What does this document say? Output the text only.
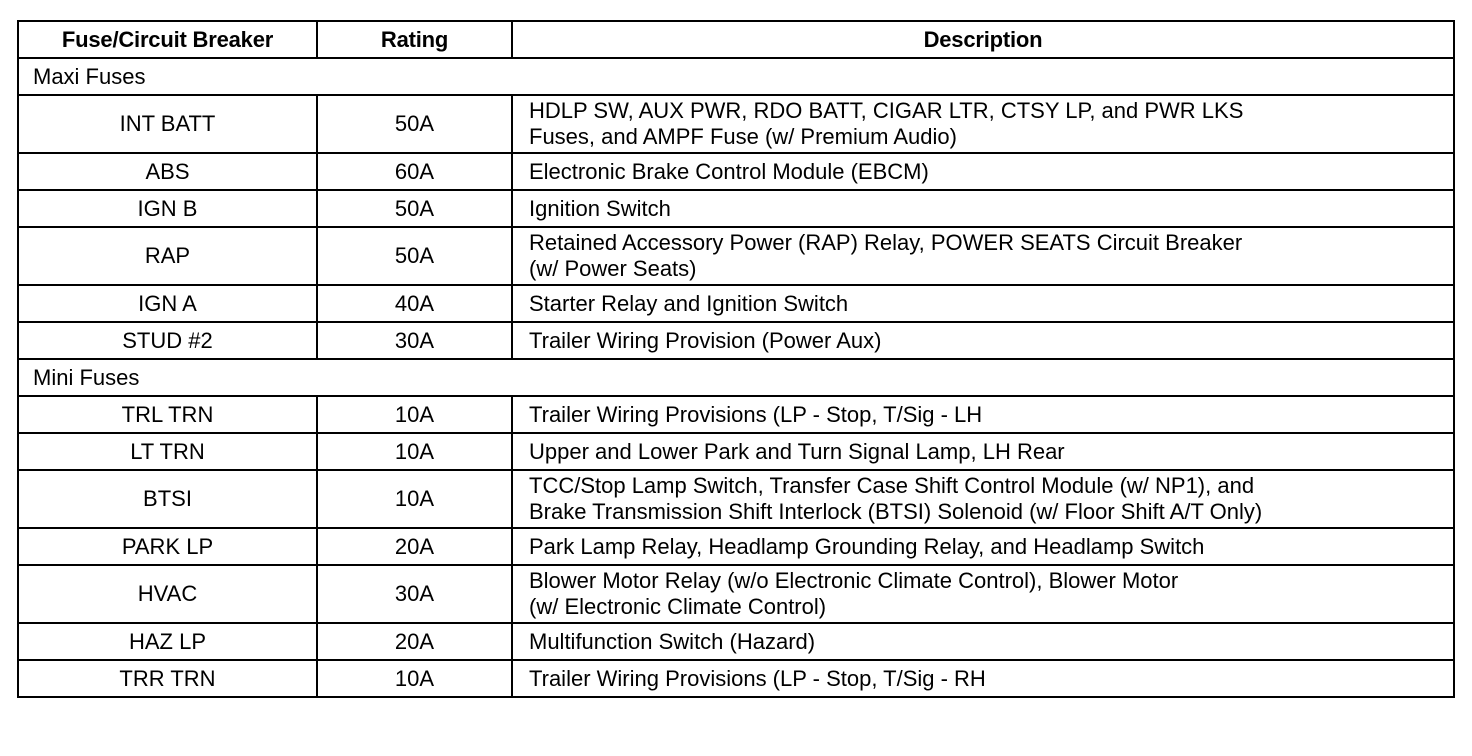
Fuse/Circuit Breaker	Rating	Description
Maxi Fuses		
INT BATT	50A	HDLP SW, AUX PWR, RDO BATT, CIGAR LTR, CTSY LP, and PWR LKS
Fuses, and AMPF Fuse (w/ Premium Audio)

ABS	60A	Electronic Brake Control Module (EBCM)

IGN B	50A	Ignition Switch

RAP	50A	Retained Accessory Power (RAP) Relay, POWER SEATS Circuit Breaker
(w/ Power Seats)

IGN A	40A	Starter Relay and Ignition Switch

STUD #2	30A	Trailer Wiring Provision (Power Aux)

Mini Fuses		
TRL TRN	10A	Trailer Wiring Provisions (LP - Stop, T/Sig - LH

LT TRN	10A	Upper and Lower Park and Turn Signal Lamp, LH Rear

BTSI	10A	TCC/Stop Lamp Switch, Transfer Case Shift Control Module (w/ NP1), and
Brake Transmission Shift Interlock (BTSI) Solenoid (w/ Floor Shift A/T Only)

PARK LP	20A	Park Lamp Relay, Headlamp Grounding Relay, and Headlamp Switch

HVAC	30A	Blower Motor Relay (w/o Electronic Climate Control), Blower Motor
(w/ Electronic Climate Control)

HAZ LP	20A	Multifunction Switch (Hazard)

TRR TRN	10A	Trailer Wiring Provisions (LP - Stop, T/Sig - RH
